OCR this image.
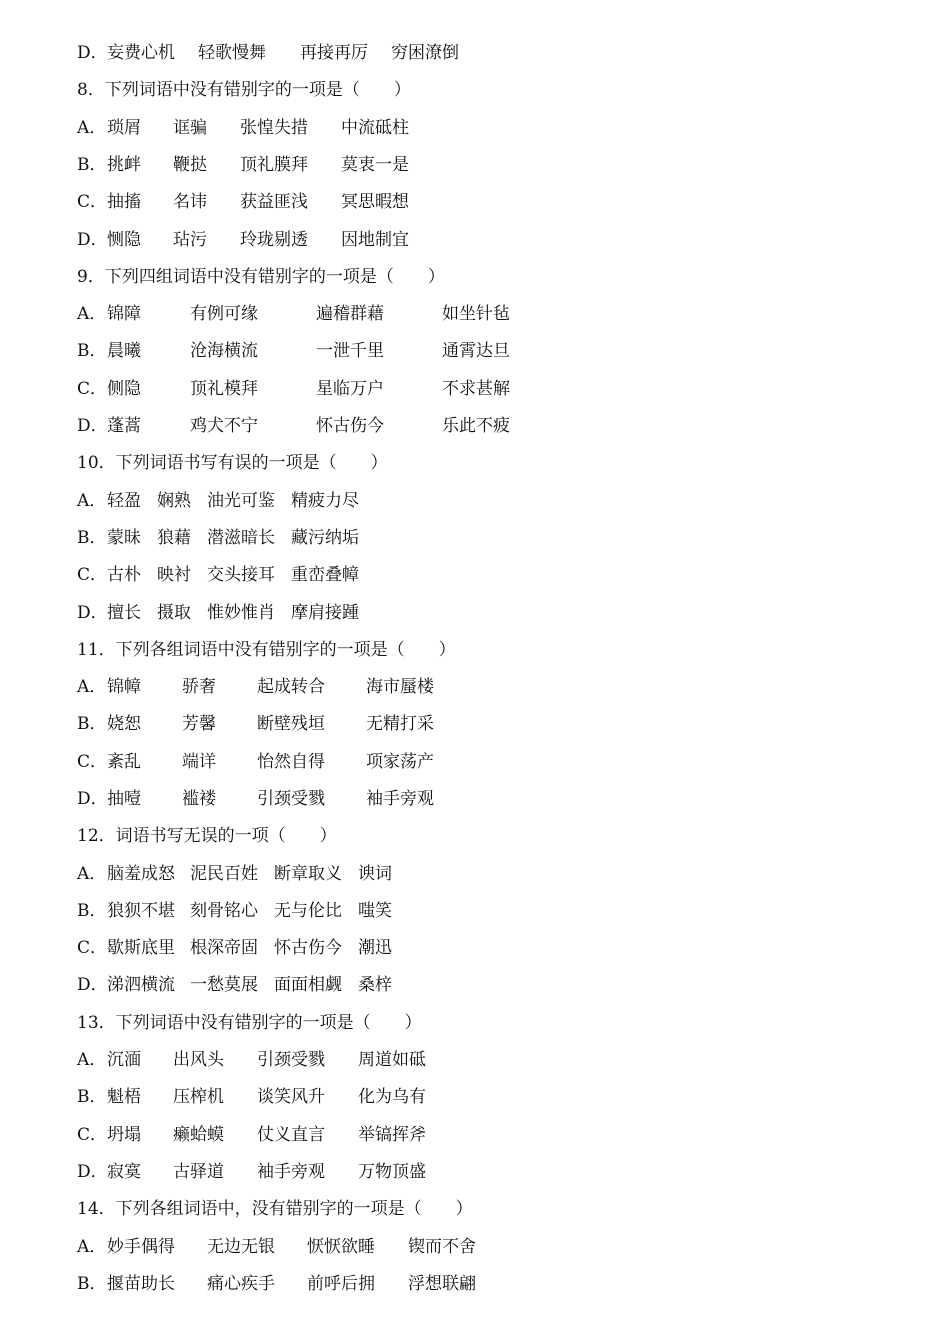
D． 妄费心机 轻歌慢舞 再接再厉 穷困潦倒
8．下列词语中没有错别字的一项是（　　）
A． 琐屑 诓骗 张惶失措 中流砥柱
B． 挑衅 鞭挞 顶礼膜拜 莫衷一是
C． 抽搐 名讳 获益匪浅 冥思暇想
D． 恻隐 玷污 玲珑剔透 因地制宜
9．下列四组词语中没有错别字的一项是（　　）
A． 锦障	有例可缘	遍稽群藉	如坐针毡
B． 晨曦	沧海横流	一泄千里	通霄达旦
C． 侧隐	顶礼模拜	星临万户	不求甚解
D． 蓬蒿	鸡犬不宁	怀古伤今	乐此不疲
10．下列词语书写有误的一项是（　　）
A． 轻盈 娴熟 油光可鉴 精疲力尽
B． 蒙昧 狼藉 潜滋暗长 藏污纳垢
C． 古朴 映衬 交头接耳 重峦叠幛
D． 擅长 摄取 惟妙惟肖 摩肩接踵
11．下列各组词语中没有错别字的一项是（　　）
A． 锦幛 骄奢 起成转合 海市蜃楼
B． 娆恕 芳馨 断壁残垣 无精打采
C． 紊乱 端详 怡然自得 项家荡产
D． 抽噎 褴褛 引颈受戮 袖手旁观
12．词语书写无误的一项（　　）
A． 脑羞成怒 泥民百姓 断章取义 谀词
B． 狼狈不堪 刻骨铭心 无与伦比 嗤笑
C． 歇斯底里 根深帝固 怀古伤今 潮迅
D． 涕泗横流 一愁莫展 面面相觑 桑梓
13．下列词语中没有错别字的一项是（　　）
A． 沉湎 出风头 引颈受戮 周道如砥
B． 魁梧 压榨机 谈笑风升 化为乌有
C． 坍塌 癞蛤蟆 仗义直言 举镐挥斧
D． 寂寞 古驿道 袖手旁观 万物顶盛
14．下列各组词语中，没有错别字的一项是（　　）
A． 妙手偶得 无边无银 恹恹欲睡 锲而不舍
B． 揠苗助长 痛心疾手 前呼后拥 浮想联翩
